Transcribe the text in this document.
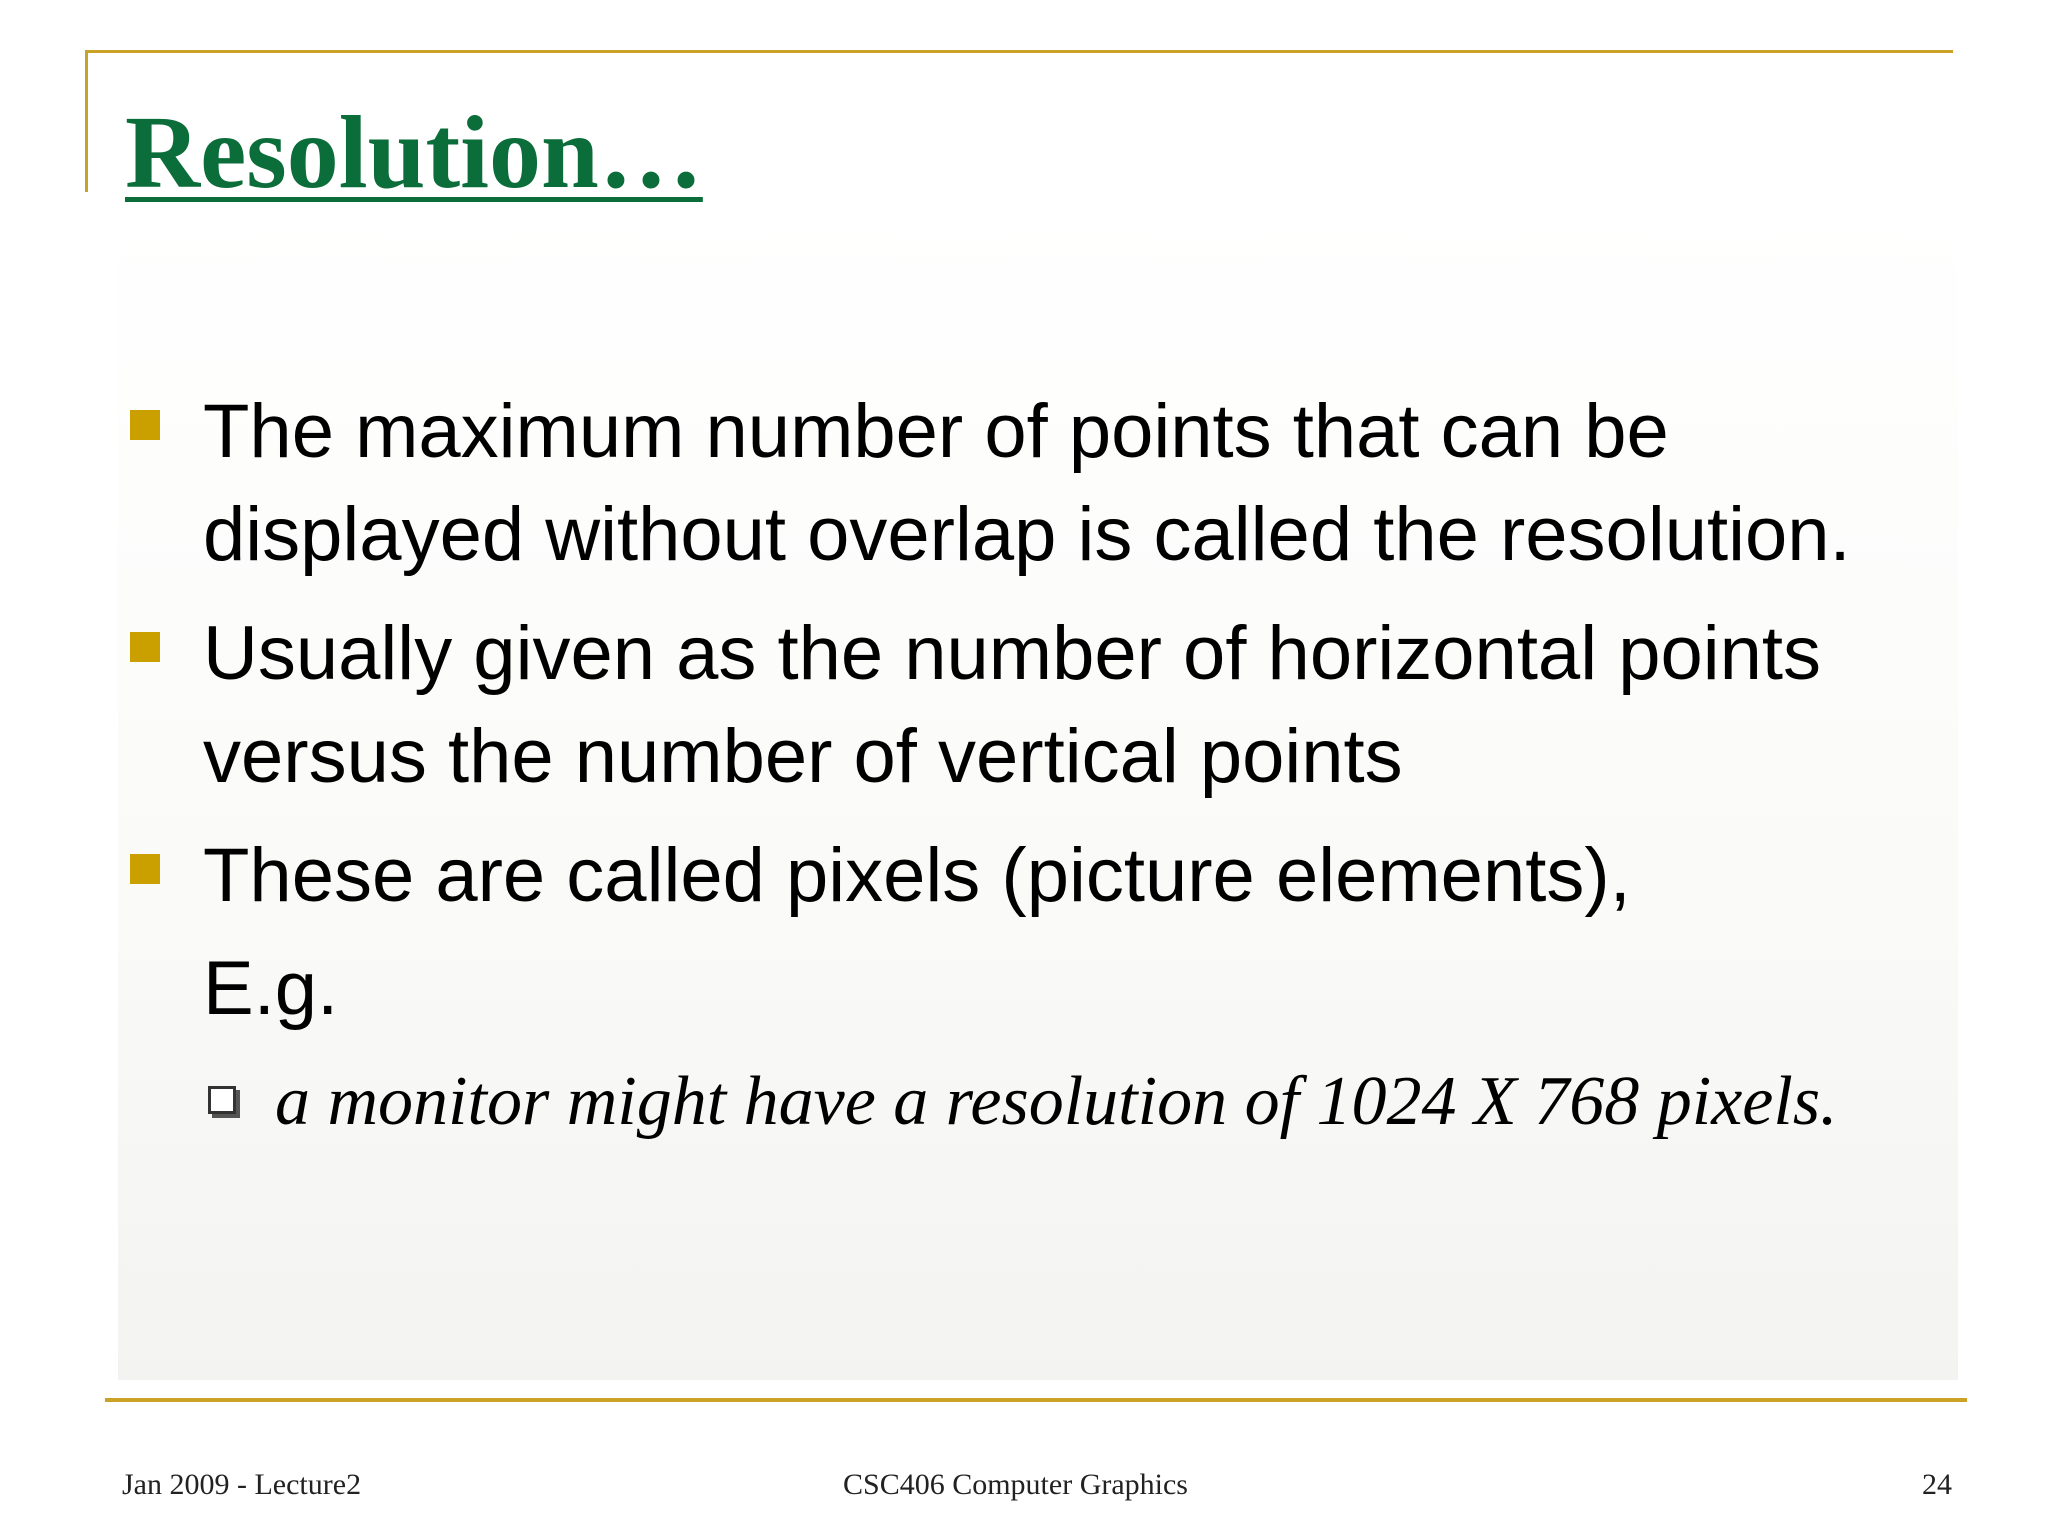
Resolution…
The maximum number of points that can be displayed without overlap is called the resolution.
Usually given as the number of horizontal points versus the number of vertical points
These are called pixels (picture elements),
E.g.
a monitor might have a resolution of 1024 X 768 pixels.
Jan 2009 - Lecture2	CSC406 Computer Graphics	24
